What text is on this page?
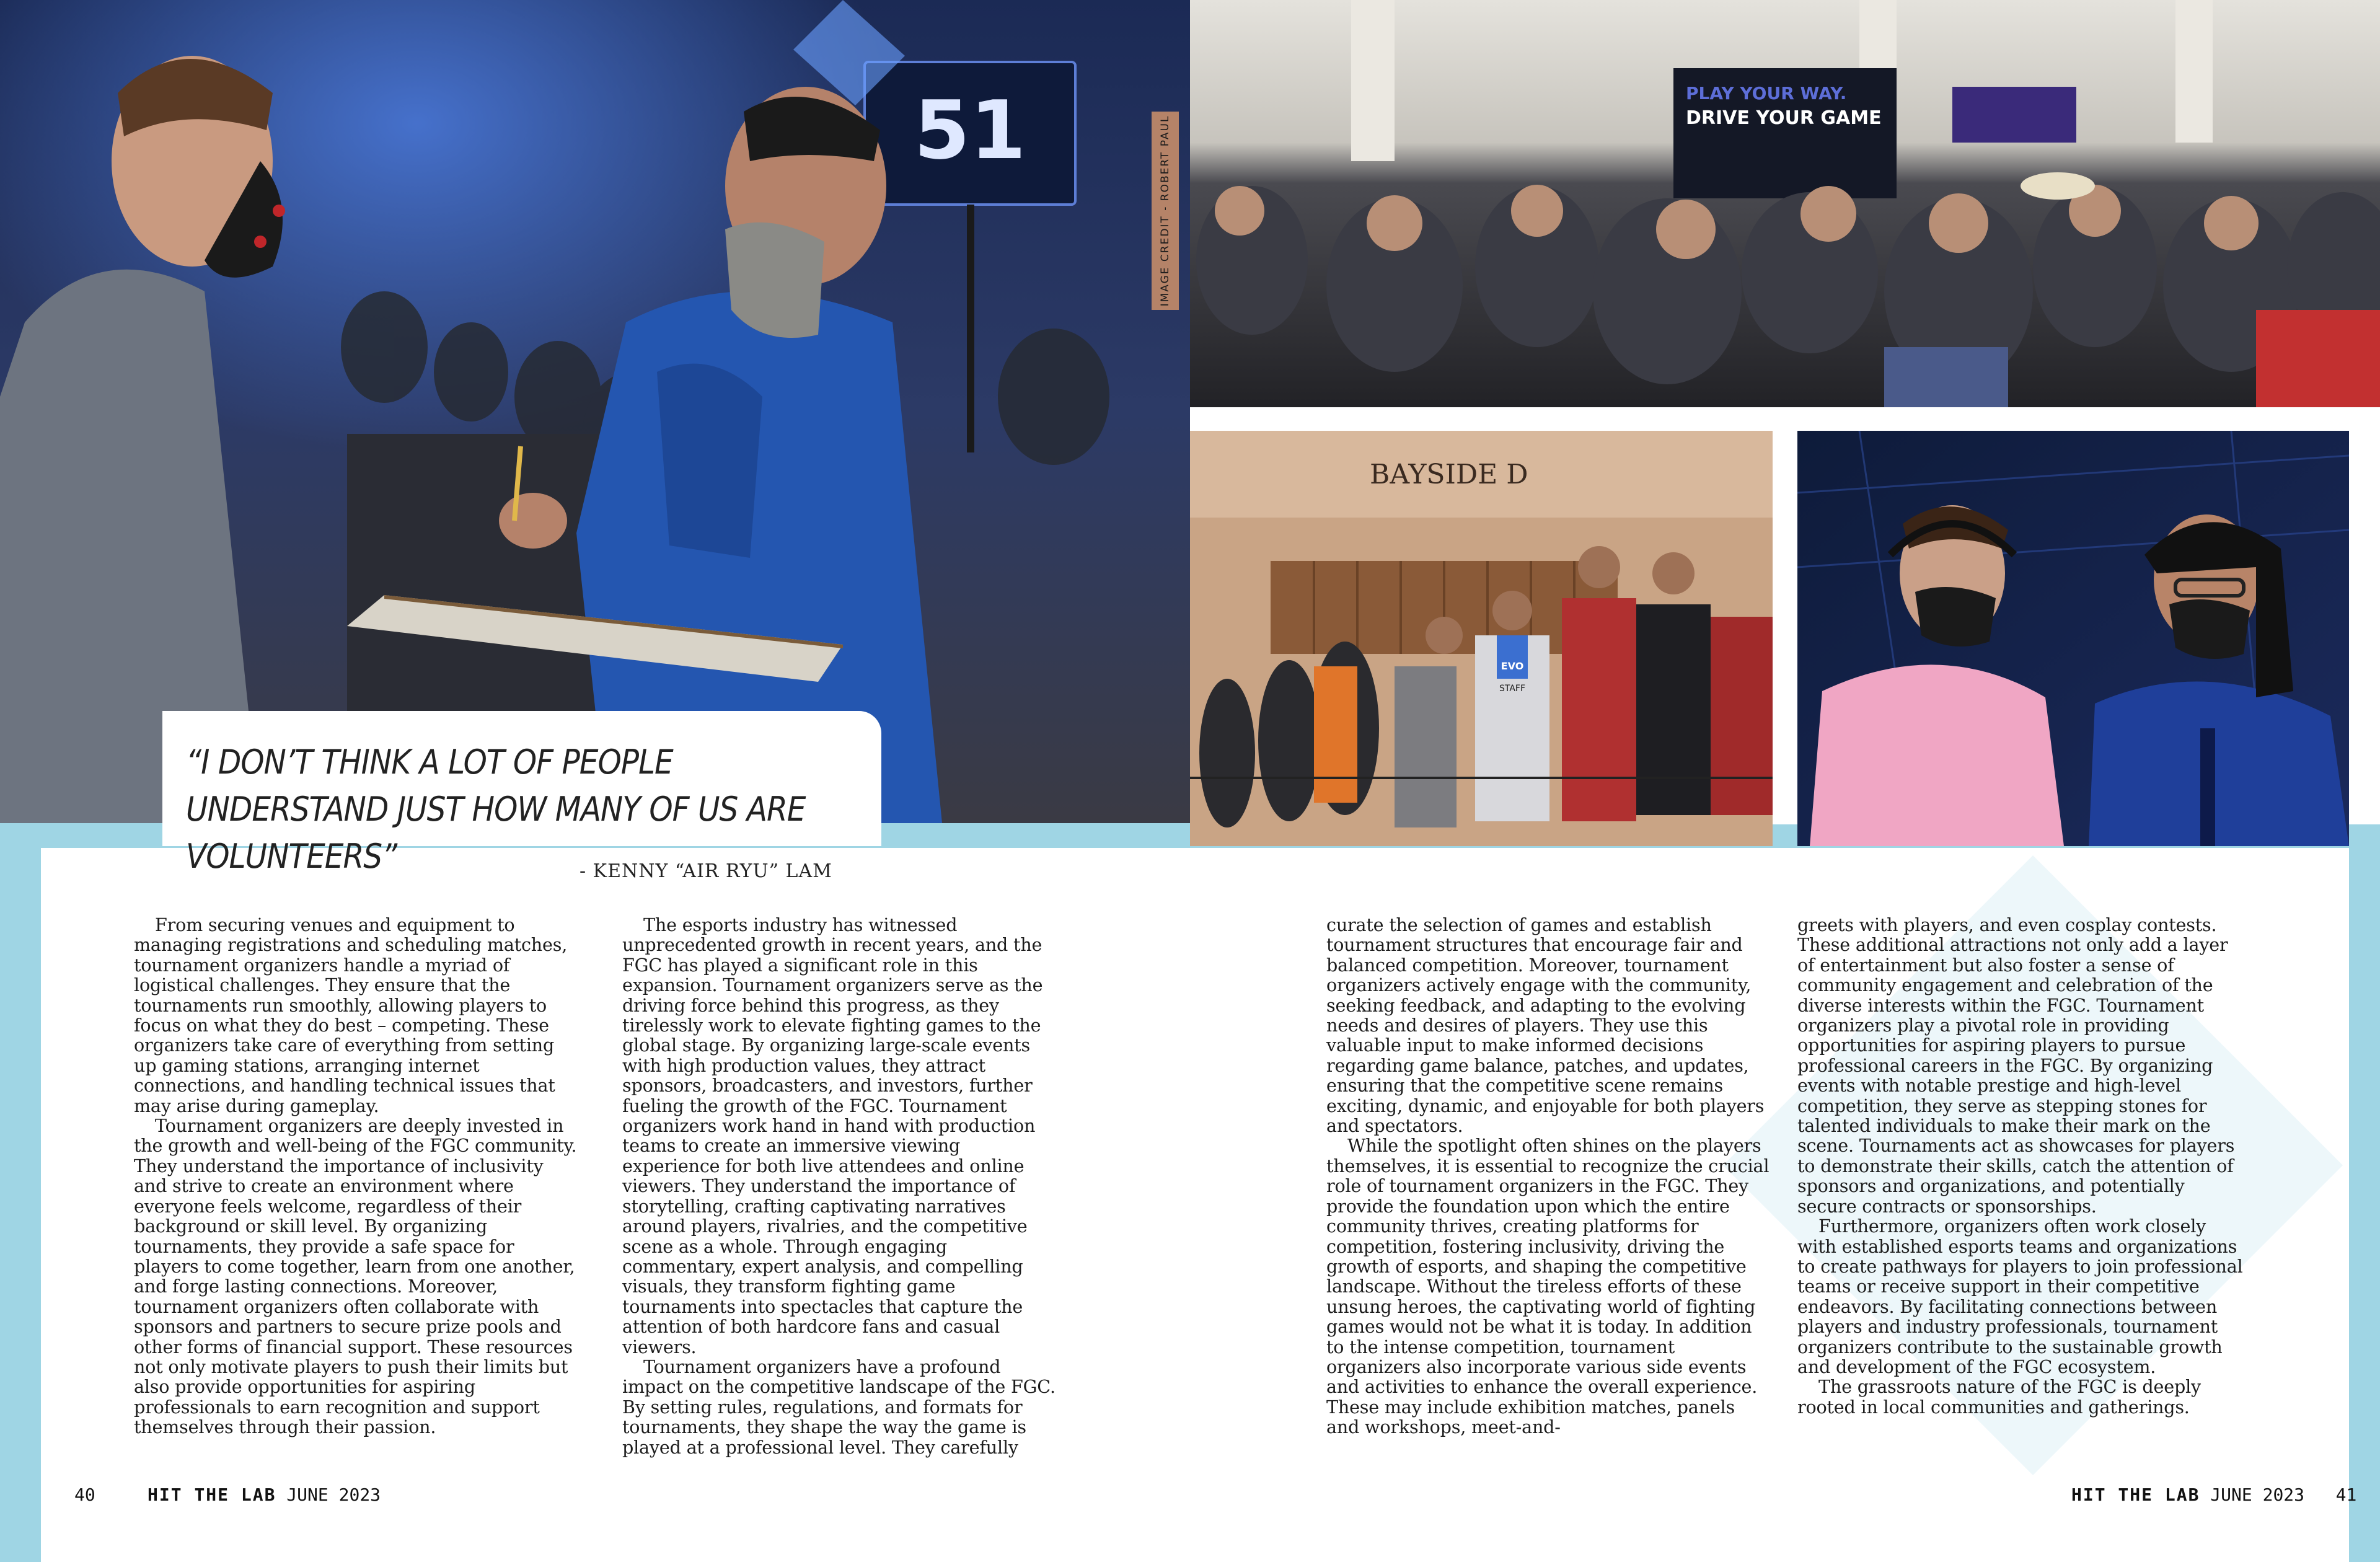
51	IMAGE CREDIT - ROBERT PAUL
PLAY YOUR WAY.
DRIVE YOUR GAME
BAYSIDE D
EVO
STAFF
“I DON’T THINK A LOT OF PEOPLE UNDERSTAND JUST HOW MANY OF US ARE VOLUNTEERS”	- KENNY “AIR RYU” LAM

From securing venues and equipment to managing registrations and scheduling matches, tournament organizers handle a myriad of logistical challenges. They ensure that the tournaments run smoothly, allowing players to focus on what they do best – competing. These organizers take care of everything from setting up gaming stations, arranging internet connections, and handling technical issues that may arise during gameplay.

Tournament organizers are deeply invested in the growth and well-being of the FGC community. They understand the importance of inclusivity and strive to create an environment where everyone feels welcome, regardless of their background or skill level. By organizing tournaments, they provide a safe space for players to come together, learn from one another, and forge lasting connections. Moreover, tournament organizers often collaborate with sponsors and partners to secure prize pools and other forms of financial support. These resources not only motivate players to push their limits but also provide opportunities for aspiring professionals to earn recognition and support themselves through their passion.

The esports industry has witnessed unprecedented growth in recent years, and the FGC has played a significant role in this expansion. Tournament organizers serve as the driving force behind this progress, as they tirelessly work to elevate fighting games to the global stage. By organizing large-scale events with high production values, they attract sponsors, broadcasters, and investors, further fueling the growth of the FGC. Tournament organizers work hand in hand with production teams to create an immersive viewing experience for both live attendees and online viewers. They understand the importance of storytelling, crafting captivating narratives around players, rivalries, and the competitive scene as a whole. Through engaging commentary, expert analysis, and compelling visuals, they transform fighting game tournaments into spectacles that capture the attention of both hardcore fans and casual viewers.

Tournament organizers have a profound impact on the competitive landscape of the FGC. By setting rules, regulations, and formats for tournaments, they shape the way the game is played at a professional level. They carefully

curate the selection of games and establish tournament structures that encourage fair and balanced competition. Moreover, tournament organizers actively engage with the community, seeking feedback, and adapting to the evolving needs and desires of players. They use this valuable input to make informed decisions regarding game balance, patches, and updates, ensuring that the competitive scene remains exciting, dynamic, and enjoyable for both players and spectators.

While the spotlight often shines on the players themselves, it is essential to recognize the crucial role of tournament organizers in the FGC. They provide the foundation upon which the entire community thrives, creating platforms for competition, fostering inclusivity, driving the growth of esports, and shaping the competitive landscape. Without the tireless efforts of these unsung heroes, the captivating world of fighting games would not be what it is today. In addition to the intense competition, tournament organizers also incorporate various side events and activities to enhance the overall experience. These may include exhibition matches, panels and workshops, meet-and-

greets with players, and even cosplay contests. These additional attractions not only add a layer of entertainment but also foster a sense of community engagement and celebration of the diverse interests within the FGC. Tournament organizers play a pivotal role in providing opportunities for aspiring players to pursue professional careers in the FGC. By organizing events with notable prestige and high-level competition, they serve as stepping stones for talented individuals to make their mark on the scene. Tournaments act as showcases for players to demonstrate their skills, catch the attention of sponsors and organizations, and potentially secure contracts or sponsorships.

Furthermore, organizers often work closely with established esports teams and organizations to create pathways for players to join professional teams or receive support in their competitive endeavors. By facilitating connections between players and industry professionals, tournament organizers contribute to the sustainable growth and development of the FGC ecosystem.

The grassroots nature of the FGC is deeply rooted in local communities and gatherings.

40	HIT THE LAB JUNE 2023	HIT THE LAB JUNE 2023 41
